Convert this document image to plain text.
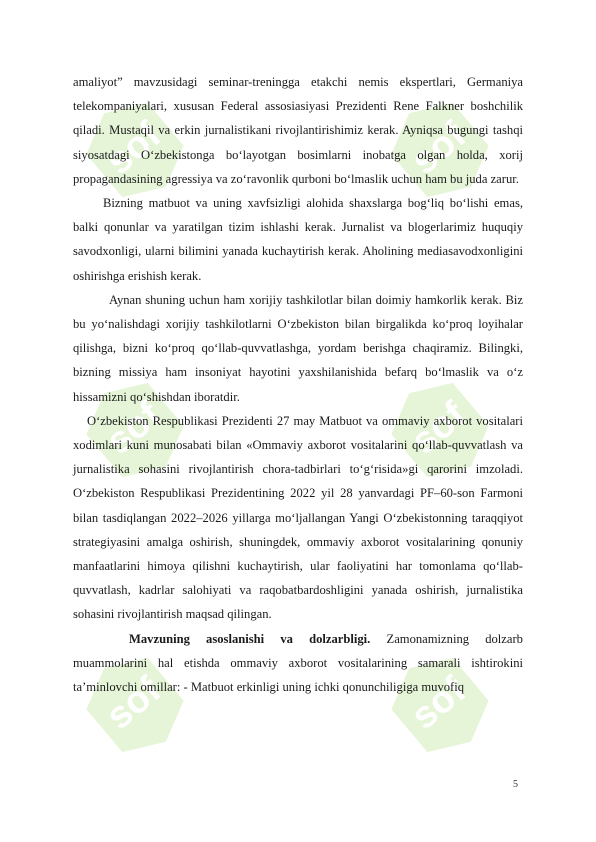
sof	sof
sof	sof
sof	sof

amaliyot” mavzusidagi seminar-treningga etakchi nemis ekspertlari, Germaniya telekompaniyalari, xususan Federal assosiasiyasi Prezidenti Rene Falkner boshchilik qiladi. Mustaqil va erkin jurnalistikani rivojlantirishimiz kerak. Ayniqsa bugungi tashqi siyosatdagi O‘zbekistonga bo‘layotgan bosimlarni inobatga olgan holda, xorij propagandasining agressiya va zo‘ravonlik qurboni bo‘lmaslik uchun ham bu juda zarur.

Bizning matbuot va uning xavfsizligi alohida shaxslarga bog‘liq bo‘lishi emas, balki qonunlar va yaratilgan tizim ishlashi kerak. Jurnalist va blogerlarimiz huquqiy savodxonligi, ularni bilimini yanada kuchaytirish kerak. Aholining mediasavodxonligini oshirishga erishish kerak.

Aynan shuning uchun ham xorijiy tashkilotlar bilan doimiy hamkorlik kerak. Biz bu yo‘nalishdagi xorijiy tashkilotlarni O‘zbekiston bilan birgalikda ko‘proq loyihalar qilishga, bizni ko‘proq qo‘llab-quvvatlashga, yordam berishga chaqiramiz. Bilingki, bizning missiya ham insoniyat hayotini yaxshilanishida befarq bo‘lmaslik va o‘z hissamizni qo‘shishdan iboratdir.

O‘zbekiston Respublikasi Prezidenti 27 may Matbuot va ommaviy axborot vositalari xodimlari kuni munosabati bilan «Ommaviy axborot vositalarini qo‘llab-quvvatlash va jurnalistika sohasini rivojlantirish chora-tadbirlari to‘g‘risida»gi qarorini imzoladi. O‘zbekiston Respublikasi Prezidentining 2022 yil 28 yanvardagi PF–60-son Farmoni bilan tasdiqlangan 2022–2026 yillarga mo‘ljallangan Yangi O‘zbekistonning taraqqiyot strategiyasini amalga oshirish, shuningdek, ommaviy axborot vositalarining qonuniy manfaatlarini himoya qilishni kuchaytirish, ular faoliyatini har tomonlama qo‘llab-quvvatlash, kadrlar salohiyati va raqobatbardoshligini yanada oshirish, jurnalistika sohasini rivojlantirish maqsad qilingan.

Mavzuning asoslanishi va dolzarbligi. Zamonamizning dolzarb muammolarini hal etishda ommaviy axborot vositalarining samarali ishtirokini ta’minlovchi omillar: - Matbuot erkinligi uning ichki qonunchiligiga muvofiq

5
